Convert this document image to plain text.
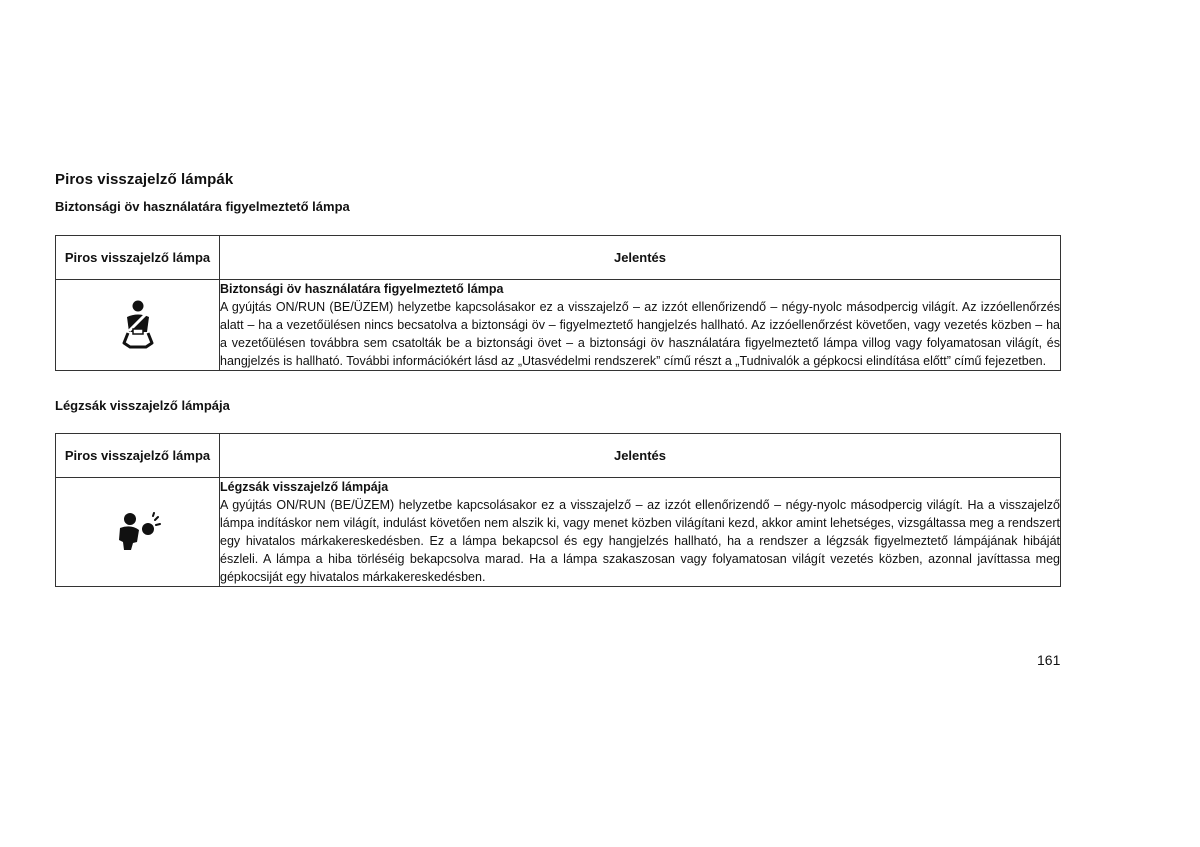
Piros visszajelző lámpák
Biztonsági öv használatára figyelmeztető lámpa
Piros visszajelző lámpa	Jelentés

Biztonsági öv használatára figyelmeztető lámpa
A gyújtás ON/RUN (BE/ÜZEM) helyzetbe kapcsolásakor ez a visszajelző – az izzót ellenőrizendő – négy-nyolc másodpercig világít. Az izzóellenőrzés alatt – ha a vezetőülésen nincs becsatolva a biztonsági öv – figyelmeztető hangjelzés hallható. Az izzóellenőrzést követően, vagy vezetés közben – ha a vezetőülésen továbbra sem csatolták be a biztonsági övet – a biztonsági öv használatára figyelmeztető lámpa villog vagy folyamatosan világít, és hangjelzés is hallható. További információkért lásd az „Utasvédelmi rendszerek” című részt a „Tudnivalók a gépkocsi elindítása előtt” című fejezetben.
Légzsák visszajelző lámpája
Piros visszajelző lámpa	Jelentés

Légzsák visszajelző lámpája
A gyújtás ON/RUN (BE/ÜZEM) helyzetbe kapcsolásakor ez a visszajelző – az izzót ellenőrizendő – négy-nyolc másodpercig világít. Ha a visszajelző lámpa indításkor nem világít, indulást követően nem alszik ki, vagy menet közben világítani kezd, akkor amint lehetséges, vizsgáltassa meg a rendszert egy hivatalos márkakereskedésben. Ez a lámpa bekapcsol és egy hangjelzés hallható, ha a rendszer a légzsák figyelmeztető lámpájának hibáját észleli. A lámpa a hiba törléséig bekapcsolva marad. Ha a lámpa szakaszosan vagy folyamatosan világít vezetés közben, azonnal javíttassa meg gépkocsiját egy hivatalos márkakereskedésben.
161
